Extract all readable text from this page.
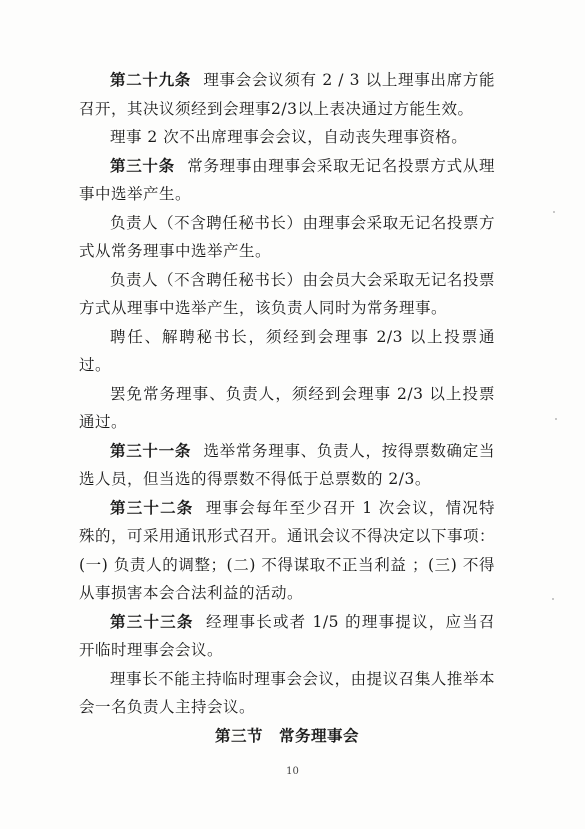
第二十九条 理事会会议须有 2 / 3 以上理事出席方能召开，其决议须经到会理事2/3以上表决通过方能生效。

理事 2 次不出席理事会会议，自动丧失理事资格。

第三十条 常务理事由理事会采取无记名投票方式从理事中选举产生。

负责人（不含聘任秘书长）由理事会采取无记名投票方式从常务理事中选举产生。

负责人（不含聘任秘书长）由会员大会采取无记名投票方式从理事中选举产生，该负责人同时为常务理事。

聘任、解聘秘书长，须经到会理事 2/3 以上投票通过。

罢免常务理事、负责人，须经到会理事 2/3 以上投票通过。

第三十一条 选举常务理事、负责人，按得票数确定当选人员，但当选的得票数不得低于总票数的 2/3。

第三十二条 理事会每年至少召开 1 次会议，情况特殊的，可采用通讯形式召开。通讯会议不得决定以下事项：(一) 负责人的调整；(二) 不得谋取不正当利益 ；(三) 不得从事损害本会合法利益的活动。

第三十三条 经理事长或者 1/5 的理事提议，应当召开临时理事会会议。

理事长不能主持临时理事会会议，由提议召集人推举本会一名负责人主持会议。

第三节　常务理事会

10
